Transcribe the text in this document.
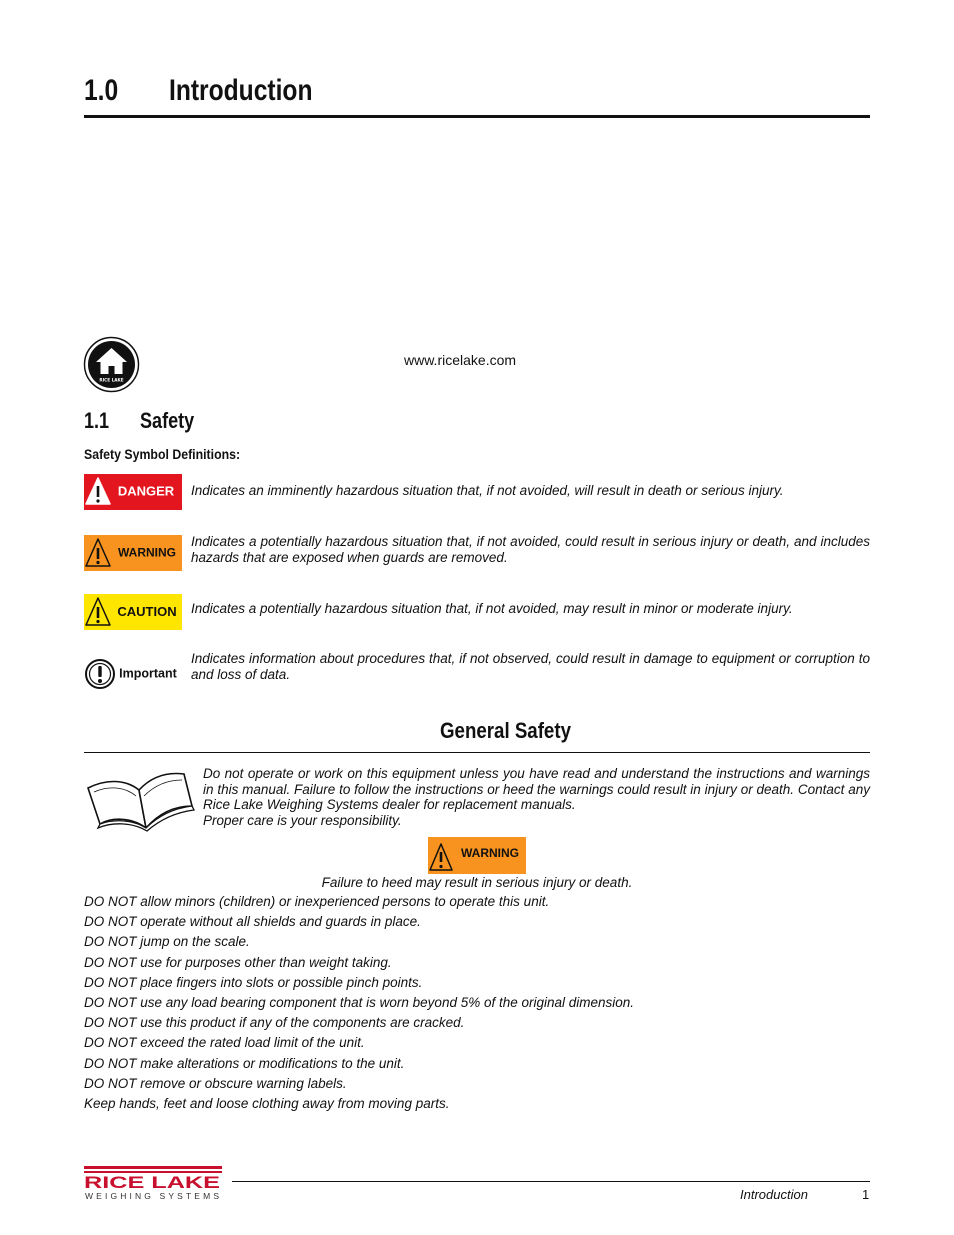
1.0 Introduction
RICE LAKE
www.ricelake.com
1.1 Safety
Safety Symbol Definitions:
DANGER Indicates an imminently hazardous situation that, if not avoided, will result in death or serious injury.
WARNING
Indicates a potentially hazardous situation that, if not avoided, could result in serious injury or death, and includes hazards that are exposed when guards are removed.
CAUTION Indicates a potentially hazardous situation that, if not avoided, may result in minor or moderate injury.
Important
Indicates information about procedures that, if not observed, could result in damage to equipment or corruption to and loss of data.
General Safety
Do not operate or work on this equipment unless you have read and understand the instructions and warnings in this manual. Failure to follow the instructions or heed the warnings could result in injury or death. Contact any Rice Lake Weighing Systems dealer for replacement manuals.
Proper care is your responsibility.
WARNING
Failure to heed may result in serious injury or death.
DO NOT allow minors (children) or inexperienced persons to operate this unit.
DO NOT operate without all shields and guards in place.
DO NOT jump on the scale.
DO NOT use for purposes other than weight taking.
DO NOT place fingers into slots or possible pinch points.
DO NOT use any load bearing component that is worn beyond 5% of the original dimension.
DO NOT use this product if any of the components are cracked.
DO NOT exceed the rated load limit of the unit.
DO NOT make alterations or modifications to the unit.
DO NOT remove or obscure warning labels.
Keep hands, feet and loose clothing away from moving parts.
RICE LAKE
WEIGHING SYSTEMS	Introduction	1
